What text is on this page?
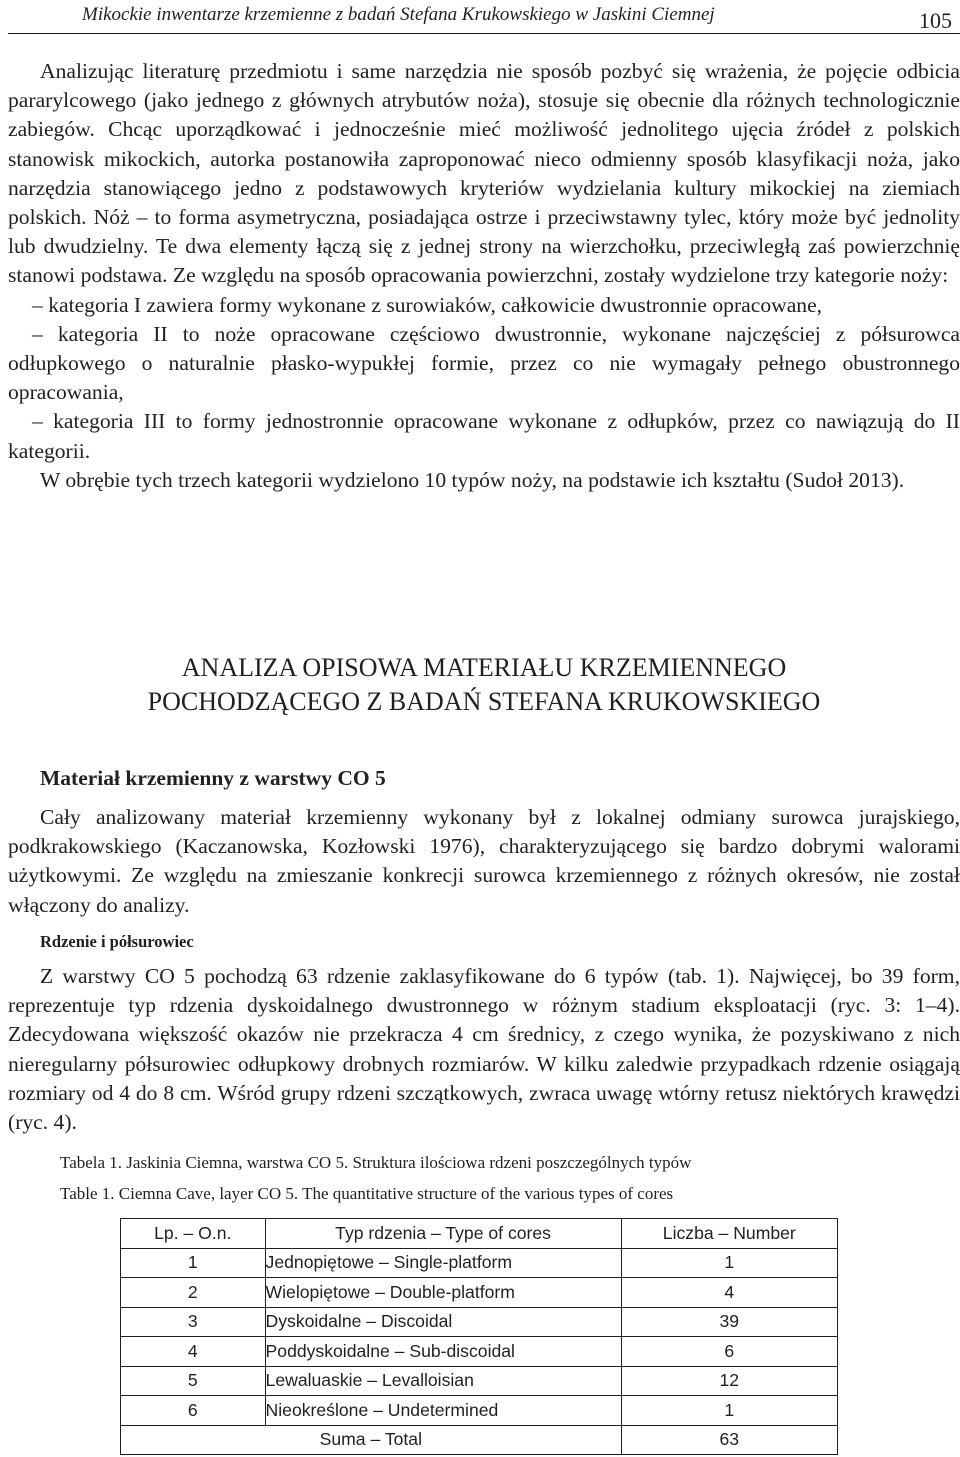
Mikockie inwentarze krzemienne z badań Stefana Krukowskiego w Jaskini Ciemnej	105
Analizując literaturę przedmiotu i same narzędzia nie sposób pozbyć się wrażenia, że pojęcie odbicia pararylcowego (jako jednego z głównych atrybutów noża), stosuje się obecnie dla różnych technologicznie zabiegów. Chcąc uporządkować i jednocześnie mieć możliwość jednolitego ujęcia źródeł z polskich stanowisk mikockich, autorka postanowiła zaproponować nieco odmienny sposób klasyfikacji noża, jako narzędzia stanowiącego jedno z podstawowych kryteriów wydzielania kultury mikockiej na ziemiach polskich. Nóż – to forma asymetryczna, posiadająca ostrze i przeciwstawny tylec, który może być jednolity lub dwudzielny. Te dwa elementy łączą się z jednej strony na wierzchołku, przeciwległą zaś powierzchnię stanowi podstawa. Ze względu na sposób opracowania powierzchni, zostały wydzielone trzy kategorie noży:
– kategoria I zawiera formy wykonane z surowiaków, całkowicie dwustronnie opracowane,
– kategoria II to noże opracowane częściowo dwustronnie, wykonane najczęściej z półsurowca odłupkowego o naturalnie płasko-wypukłej formie, przez co nie wymagały pełnego obustronnego opracowania,
– kategoria III to formy jednostronnie opracowane wykonane z odłupków, przez co nawiązują do II kategorii.
W obrębie tych trzech kategorii wydzielono 10 typów noży, na podstawie ich kształtu (Sudoł 2013).
ANALIZA OPISOWA MATERIAŁU KRZEMIENNEGO
POCHODZĄCEGO Z BADAŃ STEFANA KRUKOWSKIEGO
Materiał krzemienny z warstwy CO 5
Cały analizowany materiał krzemienny wykonany był z lokalnej odmiany surowca jurajskiego, podkrakowskiego (Kaczanowska, Kozłowski 1976), charakteryzującego się bardzo dobrymi walorami użytkowymi. Ze względu na zmieszanie konkrecji surowca krzemiennego z różnych okresów, nie został włączony do analizy.
Rdzenie i półsurowiec
Z warstwy CO 5 pochodzą 63 rdzenie zaklasyfikowane do 6 typów (tab. 1). Najwięcej, bo 39 form, reprezentuje typ rdzenia dyskoidalnego dwustronnego w różnym stadium eksploatacji (ryc. 3: 1–4). Zdecydowana większość okazów nie przekracza 4 cm średnicy, z czego wynika, że pozyskiwano z nich nieregularny półsurowiec odłupkowy drobnych rozmiarów. W kilku zaledwie przypadkach rdzenie osiągają rozmiary od 4 do 8 cm. Wśród grupy rdzeni szczątkowych, zwraca uwagę wtórny retusz niektórych krawędzi (ryc. 4).
Tabela 1. Jaskinia Ciemna, warstwa CO 5. Struktura ilościowa rdzeni poszczególnych typów
Table 1. Ciemna Cave, layer CO 5. The quantitative structure of the various types of cores
Lp. – O.n.	Typ rdzenia – Type of cores	Liczba – Number
1	Jednopiętowe – Single-platform	1
2	Wielopiętowe – Double-platform	4
3	Dyskoidalne – Discoidal	39
4	Poddyskoidalne – Sub-discoidal	6
5	Lewaluaskie – Levalloisian	12
6	Nieokreślone – Undetermined	1
Suma – Total		63
